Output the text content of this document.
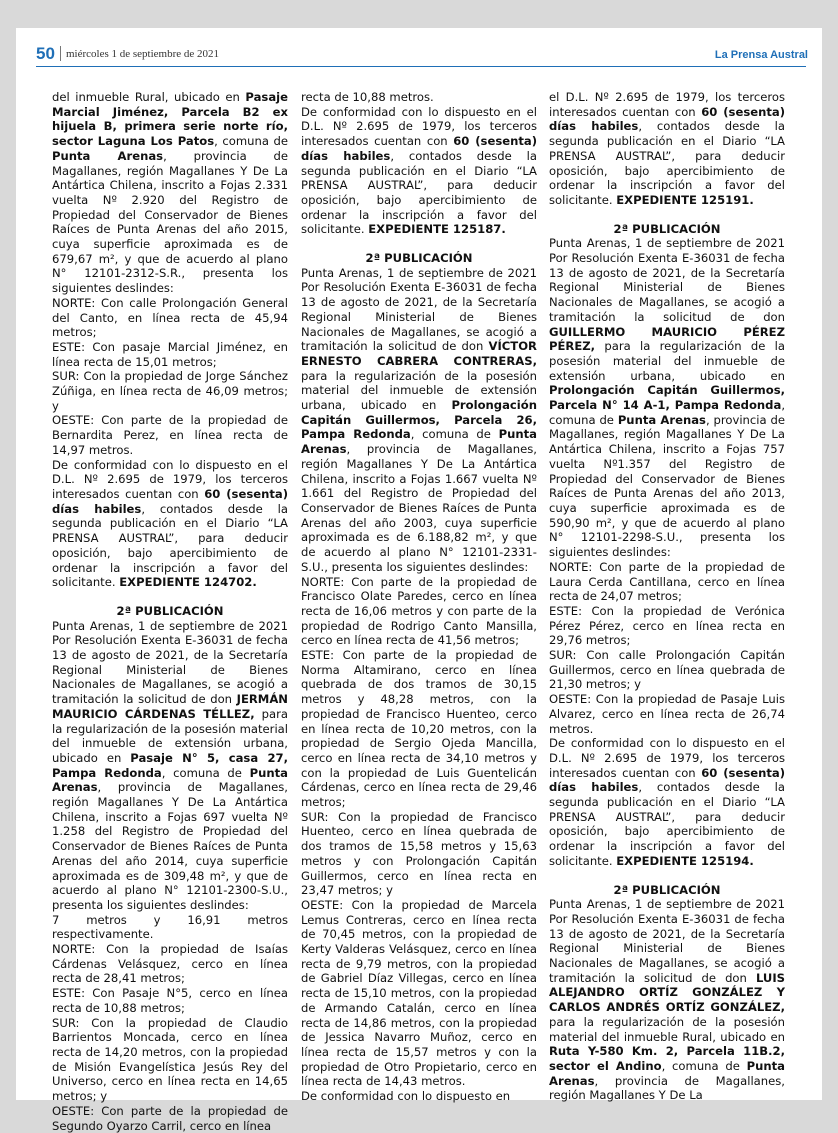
50 miércoles 1 de septiembre de 2021	La Prensa Austral

del inmueble Rural, ubicado en Pasaje Marcial Jiménez, Parcela B2 ex hijuela B, primera serie norte río, sector Laguna Los Patos, comuna de Punta Arenas, provincia de Magallanes, región Magallanes Y De La Antártica Chilena, inscrito a Fojas 2.331 vuelta Nº 2.920 del Registro de Propiedad del Conservador de Bienes Raíces de Punta Arenas del año 2015, cuya superficie aproximada es de 679,67 m², y que de acuerdo al plano N° 12101-2312-S.R., presenta los siguientes deslindes:

NORTE: Con calle Prolongación General del Canto, en línea recta de 45,94 metros;

ESTE: Con pasaje Marcial Jiménez, en línea recta de 15,01 metros;

SUR: Con la propiedad de Jorge Sánchez Zúñiga, en línea recta de 46,09 metros; y

OESTE: Con parte de la propiedad de Bernardita Perez, en línea recta de 14,97 metros.

De conformidad con lo dispuesto en el D.L. Nº 2.695 de 1979, los terceros interesados cuentan con 60 (sesenta) días habiles, contados desde la segunda publicación en el Diario “LA PRENSA AUSTRAL”, para deducir oposición, bajo apercibimiento de ordenar la inscripción a favor del solicitante. EXPEDIENTE 124702.

2ª PUBLICACIÓN

Punta Arenas, 1 de septiembre de 2021 Por Resolución Exenta E-36031 de fecha 13 de agosto de 2021, de la Secretaría Regional Ministerial de Bienes Nacionales de Magallanes, se acogió a tramitación la solicitud de don JERMÁN MAURICIO CÁRDENAS TÉLLEZ, para la regularización de la posesión material del inmueble de extensión urbana, ubicado en Pasaje N° 5, casa 27, Pampa Redonda, comuna de Punta Arenas, provincia de Magallanes, región Magallanes Y De La Antártica Chilena, inscrito a Fojas 697 vuelta Nº 1.258 del Registro de Propiedad del Conservador de Bienes Raíces de Punta Arenas del año 2014, cuya superficie aproximada es de 309,48 m², y que de acuerdo al plano N° 12101-2300-S.U., presenta los siguientes deslindes:

7 metros y 16,91 metros respectivamente.

NORTE: Con la propiedad de Isaías Cárdenas Velásquez, cerco en línea recta de 28,41 metros;

ESTE: Con Pasaje N°5, cerco en línea recta de 10,88 metros;

SUR: Con la propiedad de Claudio Barrientos Moncada, cerco en línea recta de 14,20 metros, con la propiedad de Misión Evangelística Jesús Rey del Universo, cerco en línea recta en 14,65 metros; y

OESTE: Con parte de la propiedad de Segundo Oyarzo Carril, cerco en línea

recta de 10,88 metros.

De conformidad con lo dispuesto en el D.L. Nº 2.695 de 1979, los terceros interesados cuentan con 60 (sesenta) días habiles, contados desde la segunda publicación en el Diario “LA PRENSA AUSTRAL”, para deducir oposición, bajo apercibimiento de ordenar la inscripción a favor del solicitante. EXPEDIENTE 125187.

2ª PUBLICACIÓN

Punta Arenas, 1 de septiembre de 2021 Por Resolución Exenta E-36031 de fecha 13 de agosto de 2021, de la Secretaría Regional Ministerial de Bienes Nacionales de Magallanes, se acogió a tramitación la solicitud de don VÍCTOR ERNESTO CABRERA CONTRERAS, para la regularización de la posesión material del inmueble de extensión urbana, ubicado en Prolongación Capitán Guillermos, Parcela 26, Pampa Redonda, comuna de Punta Arenas, provincia de Magallanes, región Magallanes Y De La Antártica Chilena, inscrito a Fojas 1.667 vuelta Nº 1.661 del Registro de Propiedad del Conservador de Bienes Raíces de Punta Arenas del año 2003, cuya superficie aproximada es de 6.188,82 m², y que de acuerdo al plano N° 12101-2331-S.U., presenta los siguientes deslindes:

NORTE: Con parte de la propiedad de Francisco Olate Paredes, cerco en línea recta de 16,06 metros y con parte de la propiedad de Rodrigo Canto Mansilla, cerco en línea recta de 41,56 metros;

ESTE: Con parte de la propiedad de Norma Altamirano, cerco en línea quebrada de dos tramos de 30,15 metros y 48,28 metros, con la propiedad de Francisco Huenteo, cerco en línea recta de 10,20 metros, con la propiedad de Sergio Ojeda Mancilla, cerco en línea recta de 34,10 metros y con la propiedad de Luis Guentelicán Cárdenas, cerco en línea recta de 29,46 metros;

SUR: Con la propiedad de Francisco Huenteo, cerco en línea quebrada de dos tramos de 15,58 metros y 15,63 metros y con Prolongación Capitán Guillermos, cerco en línea recta en 23,47 metros; y

OESTE: Con la propiedad de Marcela Lemus Contreras, cerco en línea recta de 70,45 metros, con la propiedad de Kerty Valderas Velásquez, cerco en línea recta de 9,79 metros, con la propiedad de Gabriel Díaz Villegas, cerco en línea recta de 15,10 metros, con la propiedad de Armando Catalán, cerco en línea recta de 14,86 metros, con la propiedad de Jessica Navarro Muñoz, cerco en línea recta de 15,57 metros y con la propiedad de Otro Propietario, cerco en línea recta de 14,43 metros.

De conformidad con lo dispuesto en

el D.L. Nº 2.695 de 1979, los terceros interesados cuentan con 60 (sesenta) días habiles, contados desde la segunda publicación en el Diario “LA PRENSA AUSTRAL”, para deducir oposición, bajo apercibimiento de ordenar la inscripción a favor del solicitante. EXPEDIENTE 125191.

2ª PUBLICACIÓN

Punta Arenas, 1 de septiembre de 2021 Por Resolución Exenta E-36031 de fecha 13 de agosto de 2021, de la Secretaría Regional Ministerial de Bienes Nacionales de Magallanes, se acogió a tramitación la solicitud de don GUILLERMO MAURICIO PÉREZ PÉREZ, para la regularización de la posesión material del inmueble de extensión urbana, ubicado en Prolongación Capitán Guillermos, Parcela N° 14 A-1, Pampa Redonda, comuna de Punta Arenas, provincia de Magallanes, región Magallanes Y De La Antártica Chilena, inscrito a Fojas 757 vuelta Nº1.357 del Registro de Propiedad del Conservador de Bienes Raíces de Punta Arenas del año 2013, cuya superficie aproximada es de 590,90 m², y que de acuerdo al plano N° 12101-2298-S.U., presenta los siguientes deslindes:

NORTE: Con parte de la propiedad de Laura Cerda Cantillana, cerco en línea recta de 24,07 metros;

ESTE: Con la propiedad de Verónica Pérez Pérez, cerco en línea recta en 29,76 metros;

SUR: Con calle Prolongación Capitán Guillermos, cerco en línea quebrada de 21,30 metros; y

OESTE: Con la propiedad de Pasaje Luis Alvarez, cerco en línea recta de 26,74 metros.

De conformidad con lo dispuesto en el D.L. Nº 2.695 de 1979, los terceros interesados cuentan con 60 (sesenta) días habiles, contados desde la segunda publicación en el Diario “LA PRENSA AUSTRAL”, para deducir oposición, bajo apercibimiento de ordenar la inscripción a favor del solicitante. EXPEDIENTE 125194.

2ª PUBLICACIÓN

Punta Arenas, 1 de septiembre de 2021 Por Resolución Exenta E-36031 de fecha 13 de agosto de 2021, de la Secretaría Regional Ministerial de Bienes Nacionales de Magallanes, se acogió a tramitación la solicitud de don LUIS ALEJANDRO ORTÍZ GONZÁLEZ Y CARLOS ANDRÉS ORTÍZ GONZÁLEZ, para la regularización de la posesión material del inmueble Rural, ubicado en Ruta Y-580 Km. 2, Parcela 11B.2, sector el Andino, comuna de Punta Arenas, provincia de Magallanes, región Magallanes Y De La
